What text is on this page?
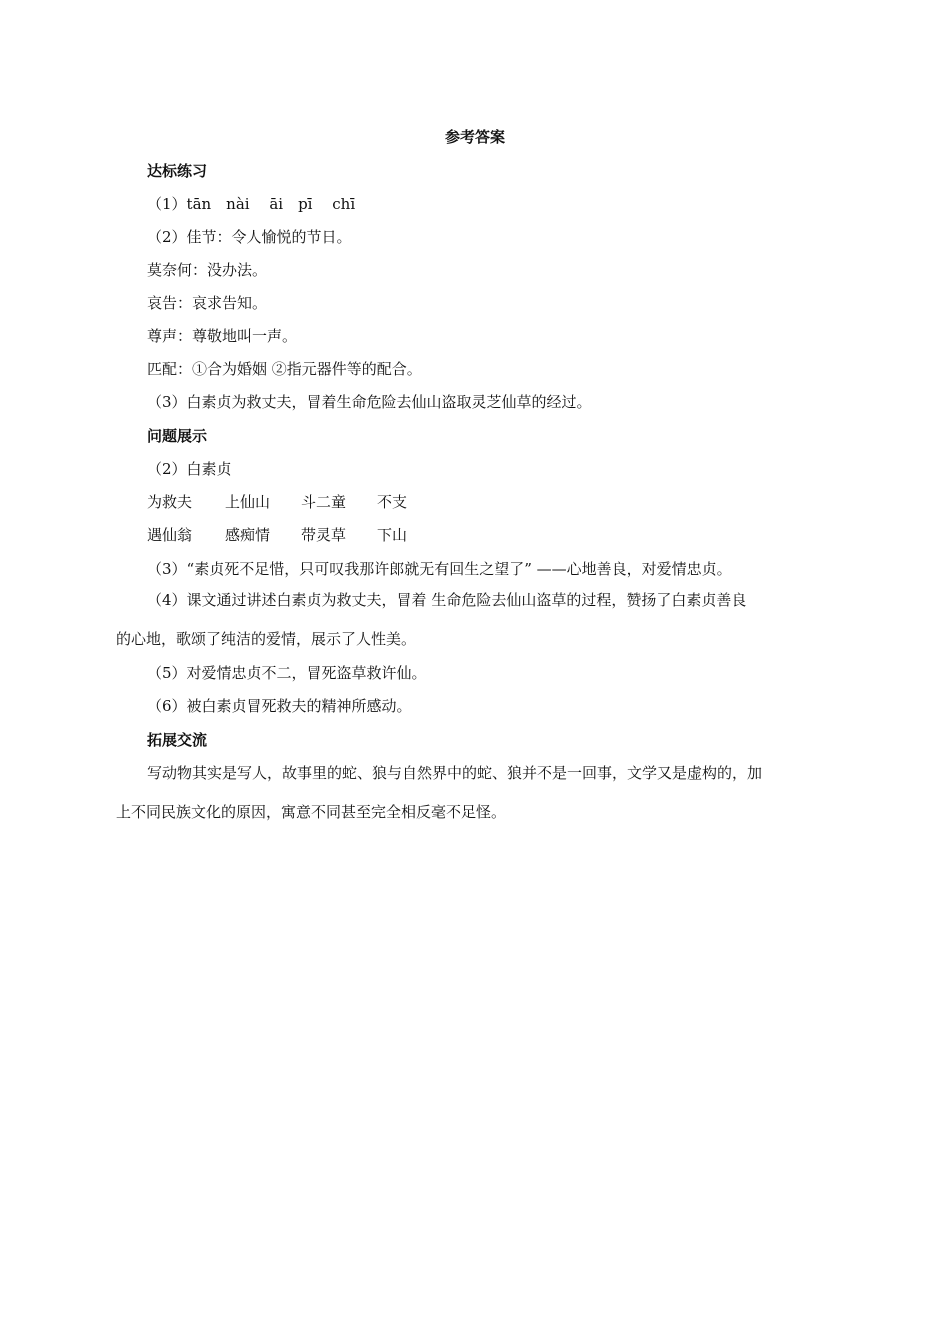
参考答案
达标练习
（1）tān　nài　 āi　pī　 chī
（2）佳节：令人愉悦的节日。
莫奈何：没办法。
哀告：哀求告知。
尊声：尊敬地叫一声。
匹配：①合为婚姻 ②指元器件等的配合。
（3）白素贞为救丈夫，冒着生命危险去仙山盗取灵芝仙草的经过。
问题展示
（2）白素贞
为救夫 上仙山 斗二童 不支
遇仙翁 感痴情 带灵草 下山
（3）“素贞死不足惜，只可叹我那许郎就无有回生之望了” ——心地善良，对爱情忠贞。
（4）课文通过讲述白素贞为救丈夫，冒着 生命危险去仙山盗草的过程，赞扬了白素贞善良
的心地，歌颂了纯洁的爱情，展示了人性美。
（5）对爱情忠贞不二，冒死盗草救许仙。
（6）被白素贞冒死救夫的精神所感动。
拓展交流
写动物其实是写人，故事里的蛇、狼与自然界中的蛇、狼并不是一回事，文学又是虚构的，加
上不同民族文化的原因，寓意不同甚至完全相反毫不足怪。
